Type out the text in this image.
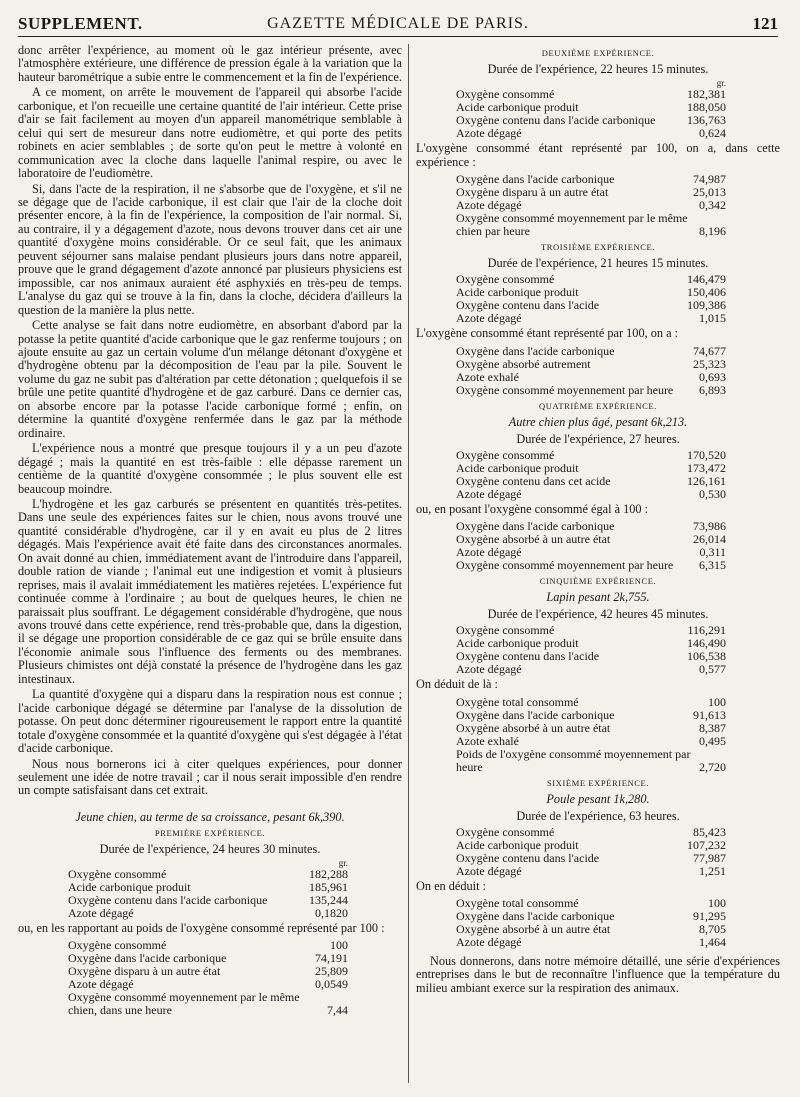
SUPPLEMENT.	GAZETTE MÉDICALE DE PARIS.	121

donc arrêter l'expérience, au moment où le gaz intérieur présente, avec l'atmosphère extérieure, une différence de pression égale à la variation que la hauteur barométrique a subie entre le commencement et la fin de l'expérience.

A ce moment, on arrête le mouvement de l'appareil qui absorbe l'acide carbonique, et l'on recueille une certaine quantité de l'air intérieur. Cette prise d'air se fait facilement au moyen d'un appareil manométrique semblable à celui qui sert de mesureur dans notre eudiomètre, et qui porte des petits robinets en acier semblables ; de sorte qu'on peut le mettre à volonté en communication avec la cloche dans laquelle l'animal respire, ou avec le laboratoire de l'eudiomètre.

Si, dans l'acte de la respiration, il ne s'absorbe que de l'oxygène, et s'il ne se dégage que de l'acide carbonique, il est clair que l'air de la cloche doit présenter encore, à la fin de l'expérience, la composition de l'air normal. Si, au contraire, il y a dégagement d'azote, nous devons trouver dans cet air une quantité d'oxygène moins considérable. Or ce seul fait, que les animaux peuvent séjourner sans malaise pendant plusieurs jours dans notre appareil, prouve que le grand dégagement d'azote annoncé par plusieurs physiciens est impossible, car nos animaux auraient été asphyxiés en très-peu de temps. L'analyse du gaz qui se trouve à la fin, dans la cloche, décidera d'ailleurs la question de la manière la plus nette.

Cette analyse se fait dans notre eudiomètre, en absorbant d'abord par la potasse la petite quantité d'acide carbonique que le gaz renferme toujours ; on ajoute ensuite au gaz un certain volume d'un mélange détonant d'oxygène et d'hydrogène obtenu par la décomposition de l'eau par la pile. Souvent le volume du gaz ne subit pas d'altération par cette détonation ; quelquefois il se brûle une petite quantité d'hydrogène et de gaz carburé. Dans ce dernier cas, on absorbe encore par la potasse l'acide carbonique formé ; enfin, on détermine la quantité d'oxygène renfermée dans le gaz par la méthode ordinaire.

L'expérience nous a montré que presque toujours il y a un peu d'azote dégagé ; mais la quantité en est très-faible : elle dépasse rarement un centième de la quantité d'oxygène consommée ; le plus souvent elle est beaucoup moindre.

L'hydrogène et les gaz carburés se présentent en quantités très-petites. Dans une seule des expériences faites sur le chien, nous avons trouvé une quantité considérable d'hydrogène, car il y en avait eu plus de 2 litres dégagés. Mais l'expérience avait été faite dans des circonstances anormales. On avait donné au chien, immédiatement avant de l'introduire dans l'appareil, double ration de viande ; l'animal eut une indigestion et vomit à plusieurs reprises, mais il avalait immédiatement les matières rejetées. L'expérience fut continuée comme à l'ordinaire ; au bout de quelques heures, le chien ne paraissait plus souffrant. Le dégagement considérable d'hydrogène, que nous avons trouvé dans cette expérience, rend très-probable que, dans la digestion, il se dégage une proportion considérable de ce gaz qui se brûle ensuite dans l'économie animale sous l'influence des ferments ou des membranes. Plusieurs chimistes ont déjà constaté la présence de l'hydrogène dans les gaz intestinaux.

La quantité d'oxygène qui a disparu dans la respiration nous est connue ; l'acide carbonique dégagé se détermine par l'analyse de la dissolution de potasse. On peut donc déterminer rigoureusement le rapport entre la quantité totale d'oxygène consommée et la quantité d'oxygène qui s'est dégagée à l'état d'acide carbonique.

Nous nous bornerons ici à citer quelques expériences, pour donner seulement une idée de notre travail ; car il nous serait impossible d'en rendre un compte satisfaisant dans cet extrait.

Jeune chien, au terme de sa croissance, pesant 6k,390.
PREMIÈRE EXPÉRIENCE.
Durée de l'expérience, 24 heures 30 minutes.
	gr.
Oxygène consommé	182,288
Acide carbonique produit	185,961
Oxygène contenu dans l'acide carbonique	135,244
Azote dégagé	0,1820
ou, en les rapportant au poids de l'oxygène consommé représenté par 100 :
Oxygène consommé	100
Oxygène dans l'acide carbonique	74,191
Oxygène disparu à un autre état	25,809
Azote dégagé	0,0549
Oxygène consommé moyennement par le même chien, dans une heure	7,44
DEUXIÈME EXPÉRIENCE.
Durée de l'expérience, 22 heures 15 minutes.
	gr.
Oxygène consommé	182,381
Acide carbonique produit	188,050
Oxygène contenu dans l'acide carbonique	136,763
Azote dégagé	0,624
L'oxygène consommé étant représenté par 100, on a, dans cette expérience :
Oxygène dans l'acide carbonique	74,987
Oxygène disparu à un autre état	25,013
Azote dégagé	0,342
Oxygène consommé moyennement par le même chien par heure	8,196
TROISIÈME EXPÉRIENCE.
Durée de l'expérience, 21 heures 15 minutes.
Oxygène consommé	146,479
Acide carbonique produit	150,406
Oxygène contenu dans l'acide	109,386
Azote dégagé	1,015
L'oxygène consommé étant représenté par 100, on a :
Oxygène dans l'acide carbonique	74,677
Oxygène absorbé autrement	25,323
Azote exhalé	0,693
Oxygène consommé moyennement par heure	6,893
QUATRIÈME EXPÉRIENCE.
Autre chien plus âgé, pesant 6k,213.
Durée de l'expérience, 27 heures.
Oxygène consommé	170,520
Acide carbonique produit	173,472
Oxygène contenu dans cet acide	126,161
Azote dégagé	0,530
ou, en posant l'oxygène consommé égal à 100 :
Oxygène dans l'acide carbonique	73,986
Oxygène absorbé à un autre état	26,014
Azote dégagé	0,311
Oxygène consommé moyennement par heure	6,315
CINQUIÈME EXPÉRIENCE.
Lapin pesant 2k,755.
Durée de l'expérience, 42 heures 45 minutes.
Oxygène consommé	116,291
Acide carbonique produit	146,490
Oxygène contenu dans l'acide	106,538
Azote dégagé	0,577
On déduit de là :
Oxygène total consommé	100
Oxygène dans l'acide carbonique	91,613
Oxygène absorbé à un autre état	8,387
Azote exhalé	0,495
Poids de l'oxygène consommé moyennement par heure	2,720
SIXIÈME EXPÉRIENCE.
Poule pesant 1k,280.
Durée de l'expérience, 63 heures.
Oxygène consommé	85,423
Acide carbonique produit	107,232
Oxygène contenu dans l'acide	77,987
Azote dégagé	1,251
On en déduit :
Oxygène total consommé	100
Oxygène dans l'acide carbonique	91,295
Oxygène absorbé à un autre état	8,705
Azote dégagé	1,464

Nous donnerons, dans notre mémoire détaillé, une série d'expériences entreprises dans le but de reconnaître l'influence que la température du milieu ambiant exerce sur la respiration des animaux.
